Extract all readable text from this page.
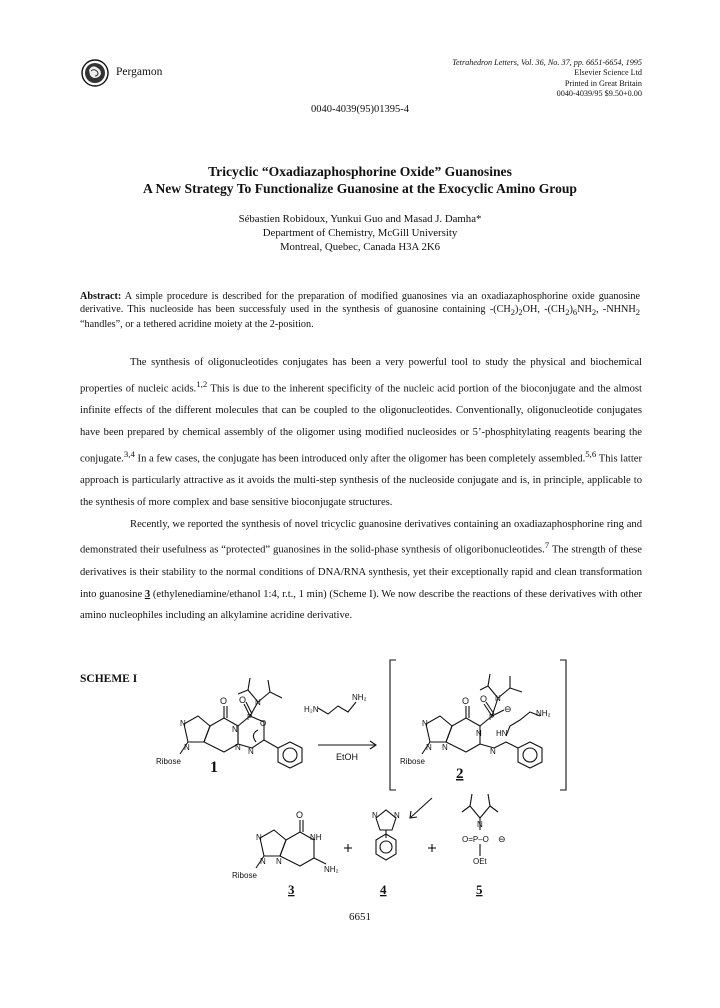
Pergamon
Tetrahedron Letters, Vol. 36, No. 37, pp. 6651-6654, 1995
Elsevier Science Ltd
Printed in Great Britain
0040-4039/95 $9.50+0.00
0040-4039(95)01395-4
Tricyclic “Oxadiazaphosphorine Oxide” Guanosines
A New Strategy To Functionalize Guanosine at the Exocyclic Amino Group
Sébastien Robidoux, Yunkui Guo and Masad J. Damha*
Department of Chemistry, McGill University
Montreal, Quebec, Canada H3A 2K6
Abstract: A simple procedure is described for the preparation of modified guanosines via an oxadiazaphosphorine oxide guanosine derivative. This nucleoside has been successfuly used in the synthesis of guanosine containing $-(CH_2)_2OH$, $-(CH_2)_6NH_2$, $-NHNH_2$ “handles”, or a tethered acridine moiety at the 2-position.

The synthesis of oligonucleotides conjugates has been a very powerful tool to study the physical and biochemical properties of nucleic acids.$^{1,2}$ This is due to the inherent specificity of the nucleic acid portion of the bioconjugate and the almost infinite effects of the different molecules that can be coupled to the oligonucleotides. Conventionally, oligonucleotide conjugates have been prepared by chemical assembly of the oligomer using modified nucleosides or 5’-phosphitylating reagents bearing the conjugate.$^{3,4}$ In a few cases, the conjugate has been introduced only after the oligomer has been completely assembled.$^{5,6}$ This latter approach is particularly attractive as it avoids the multi-step synthesis of the nucleoside conjugate and is, in principle, applicable to the synthesis of more complex and base sensitive bioconjugate structures.

Recently, we reported the synthesis of novel tricyclic guanosine derivatives containing an oxadiazaphosphorine ring and demonstrated their usefulness as “protected” guanosines in the solid-phase synthesis of oligoribonucleotides.$^7$ The strength of these derivatives is their stability to the normal conditions of DNA/RNA synthesis, yet their exceptionally rapid and clean transformation into guanosine 3 (ethylenediamine/ethanol 1:4, r.t., 1 min) (Scheme I). We now describe the reactions of these derivatives with other amino nucleophiles including an alkylamine acridine derivative.

SCHEME I
O O
P
N
O
N
N
N
N N
Ribose 1
H₂N
NH₂
EtOH
O O
P
N
⊖
HN
NH₂
N
N N
N
N
Ribose
2
O
N
N
NH
N
NH₂
Ribose
3
N N
4
N
O=P–O ⊖
OEt
5
6651
